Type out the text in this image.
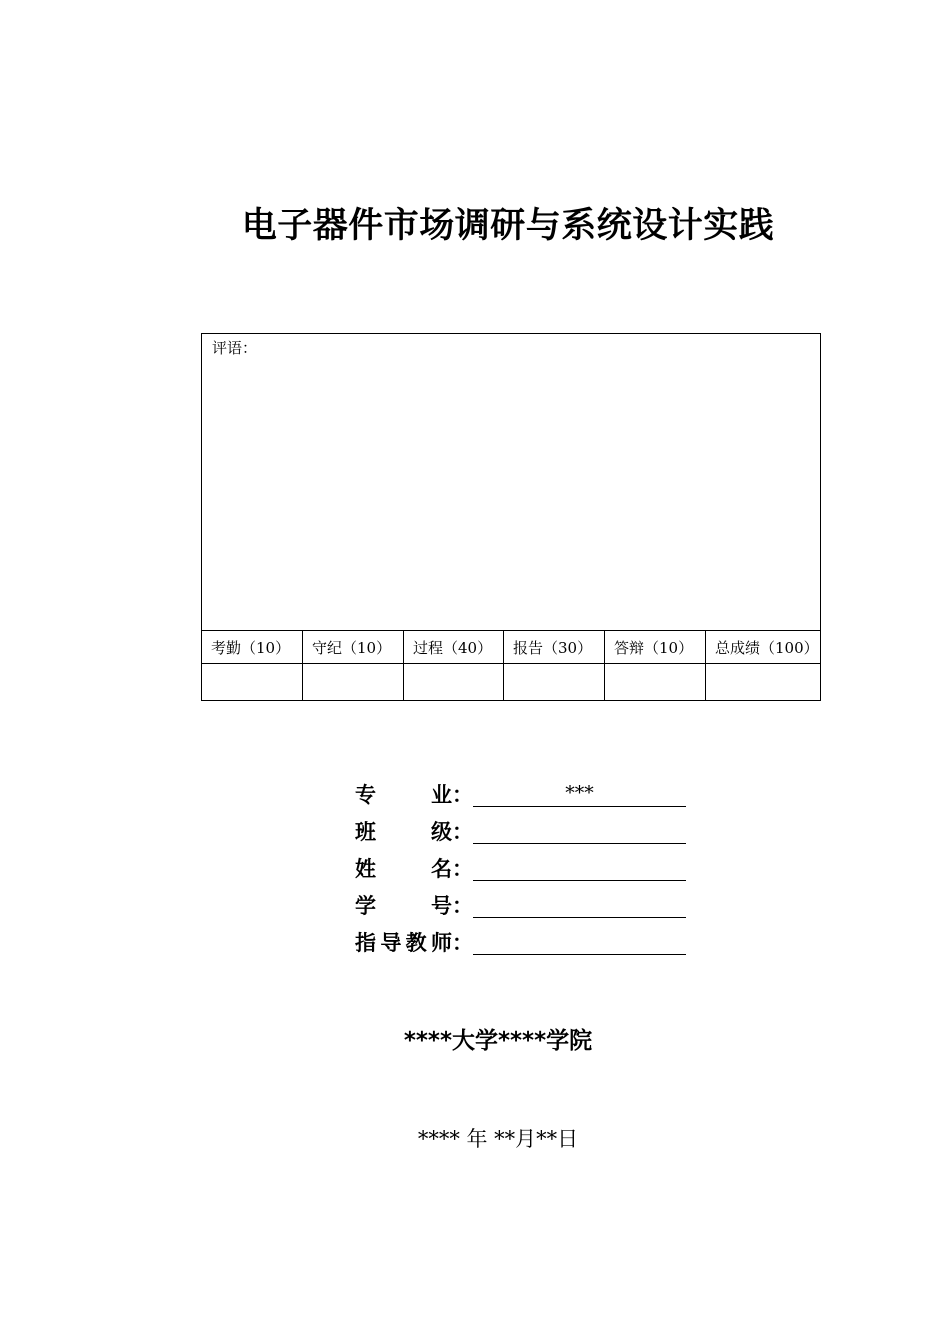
电子器件市场调研与系统设计实践
评语：					

考勤（10）	守纪（10）	过程（40）	报告（30）	答辩（10）	总成绩（100）

专	业 ：	***
班	级 ：
姓	名 ：
学	号 ：
指 导 教 师 ：
****大学****学院
**** 年 **月**日
